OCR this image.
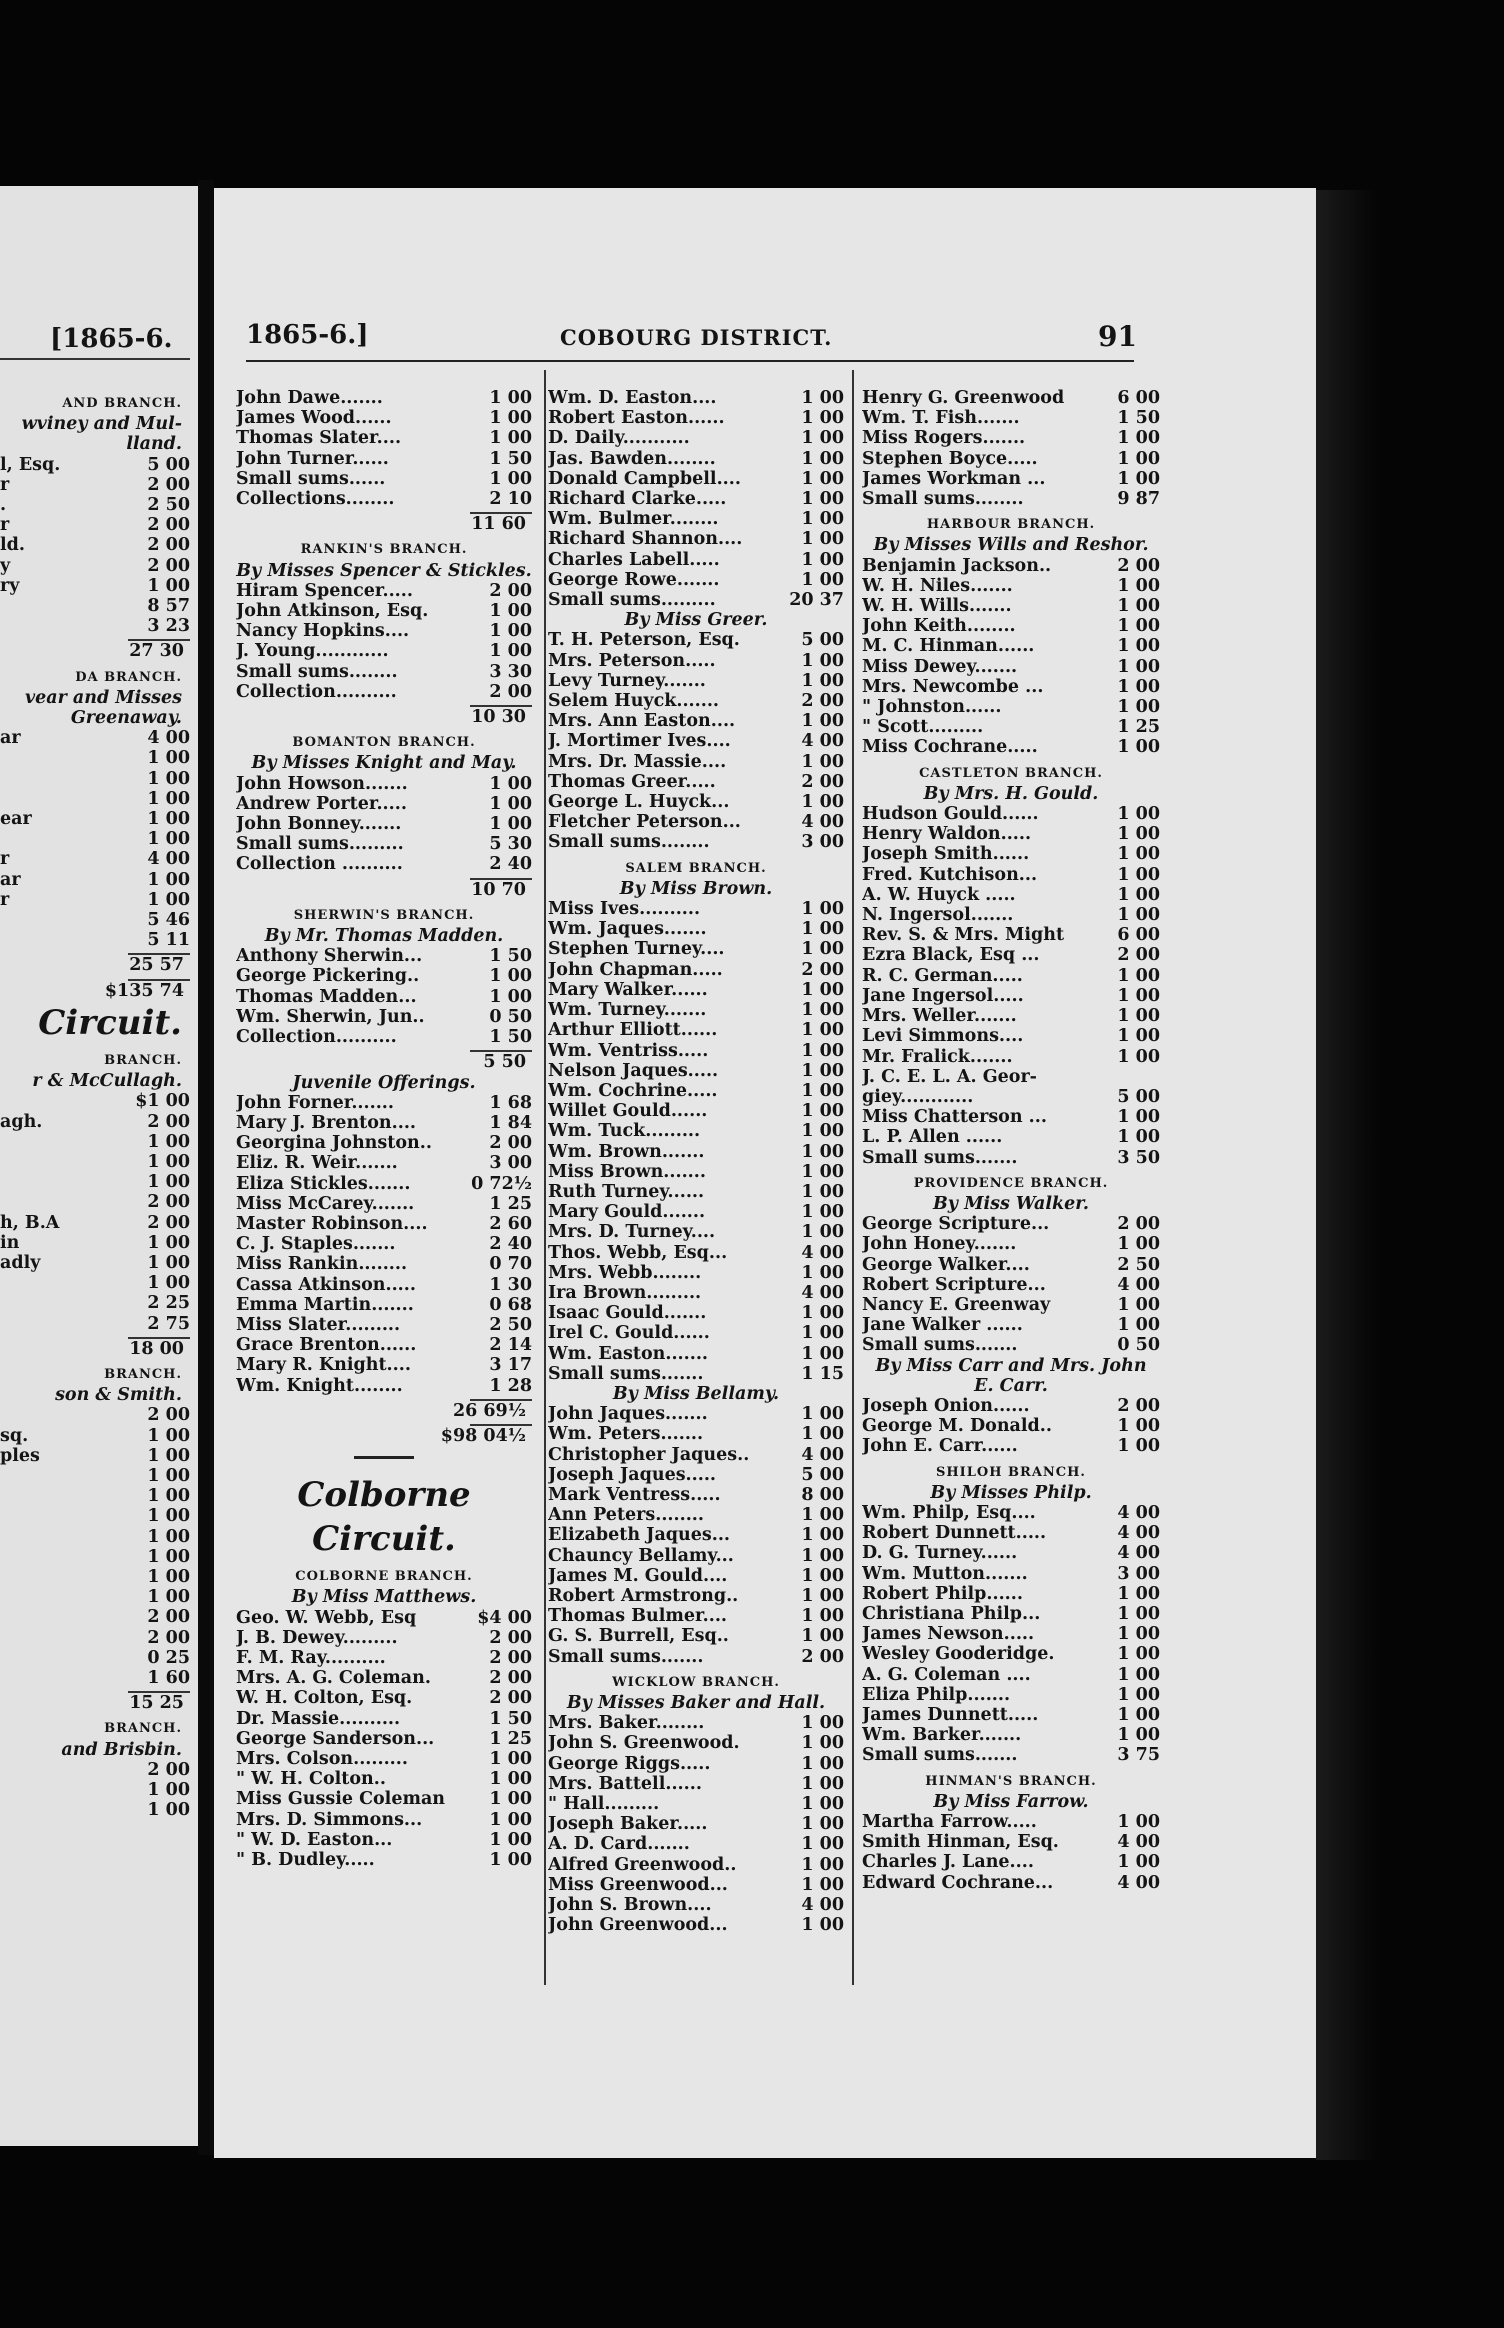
[1865-6.
AND BRANCH.
wviney and Mul-
lland.
l, Esq.	5 00
r	2 00
.	2 50
r	2 00
ld.	2 00
y	2 00
ry	1 00
8 57
3 23
27 30
DA BRANCH.
vear and Misses
Greenaway.
ar	4 00
1 00
1 00
1 00
ear	1 00
1 00
r	4 00
ar	1 00
r	1 00
5 46
5 11
25 57
$135 74
Circuit.
BRANCH.
r & McCullagh.
$1 00
agh.	2 00
1 00
1 00
1 00
2 00
h, B.A	2 00
in	1 00
adly	1 00
1 00
2 25
2 75
18 00
BRANCH.
son & Smith.
2 00
sq.	1 00
ples	1 00
1 00
1 00
1 00
1 00
1 00
1 00
1 00
2 00
2 00
0 25
1 60
15 25
BRANCH.
and Brisbin.
2 00
1 00
1 00
1865-6.]	COBOURG DISTRICT.	91
John Dawe.......	1 00
James Wood......	1 00
Thomas Slater....	1 00
John Turner......	1 50
Small sums......	1 00
Collections........	2 10
11 60
RANKIN'S BRANCH.
By Misses Spencer & Stickles.
Hiram Spencer.....	2 00
John Atkinson, Esq.	1 00
Nancy Hopkins....	1 00
J. Young............	1 00
Small sums........	3 30
Collection..........	2 00
10 30
BOMANTON BRANCH.
By Misses Knight and May.
John Howson.......	1 00
Andrew Porter.....	1 00
John Bonney.......	1 00
Small sums.........	5 30
Collection ..........	2 40
10 70
SHERWIN'S BRANCH.
By Mr. Thomas Madden.
Anthony Sherwin...	1 50
George Pickering..	1 00
Thomas Madden...	1 00
Wm. Sherwin, Jun..	0 50
Collection..........	1 50
5 50
Juvenile Offerings.
John Forner.......	1 68
Mary J. Brenton....	1 84
Georgina Johnston..	2 00
Eliz. R. Weir.......	3 00
Eliza Stickles.......	0 72½
Miss McCarey.......	1 25
Master Robinson....	2 60
C. J. Staples.......	2 40
Miss Rankin........	0 70
Cassa Atkinson.....	1 30
Emma Martin.......	0 68
Miss Slater.........	2 50
Grace Brenton......	2 14
Mary R. Knight....	3 17
Wm. Knight........	1 28
26 69½
$98 04½
Colborne Circuit.
COLBORNE BRANCH.
By Miss Matthews.
Geo. W. Webb, Esq	$4 00
J. B. Dewey.........	2 00
F. M. Ray..........	2 00
Mrs. A. G. Coleman.	2 00
W. H. Colton, Esq.	2 00
Dr. Massie..........	1 50
George Sanderson...	1 25
Mrs. Colson.........	1 00
" W. H. Colton..	1 00
Miss Gussie Coleman	1 00
Mrs. D. Simmons...	1 00
" W. D. Easton...	1 00
" B. Dudley.....	1 00
Wm. D. Easton....	1 00
Robert Easton......	1 00
D. Daily...........	1 00
Jas. Bawden........	1 00
Donald Campbell....	1 00
Richard Clarke.....	1 00
Wm. Bulmer........	1 00
Richard Shannon....	1 00
Charles Labell.....	1 00
George Rowe.......	1 00
Small sums.........	20 37
By Miss Greer.
T. H. Peterson, Esq.	5 00
Mrs. Peterson.....	1 00
Levy Turney.......	1 00
Selem Huyck.......	2 00
Mrs. Ann Easton....	1 00
J. Mortimer Ives....	4 00
Mrs. Dr. Massie....	1 00
Thomas Greer.....	2 00
George L. Huyck...	1 00
Fletcher Peterson...	4 00
Small sums........	3 00
SALEM BRANCH.
By Miss Brown.
Miss Ives..........	1 00
Wm. Jaques.......	1 00
Stephen Turney....	1 00
John Chapman.....	2 00
Mary Walker......	1 00
Wm. Turney.......	1 00
Arthur Elliott......	1 00
Wm. Ventriss.....	1 00
Nelson Jaques.....	1 00
Wm. Cochrine.....	1 00
Willet Gould......	1 00
Wm. Tuck.........	1 00
Wm. Brown.......	1 00
Miss Brown.......	1 00
Ruth Turney......	1 00
Mary Gould.......	1 00
Mrs. D. Turney....	1 00
Thos. Webb, Esq...	4 00
Mrs. Webb........	1 00
Ira Brown.........	4 00
Isaac Gould.......	1 00
Irel C. Gould......	1 00
Wm. Easton.......	1 00
Small sums.......	1 15
By Miss Bellamy.
John Jaques.......	1 00
Wm. Peters.......	1 00
Christopher Jaques..	4 00
Joseph Jaques.....	5 00
Mark Ventress.....	8 00
Ann Peters........	1 00
Elizabeth Jaques...	1 00
Chauncy Bellamy...	1 00
James M. Gould....	1 00
Robert Armstrong..	1 00
Thomas Bulmer....	1 00
G. S. Burrell, Esq..	1 00
Small sums.......	2 00
WICKLOW BRANCH.
By Misses Baker and Hall.
Mrs. Baker........	1 00
John S. Greenwood.	1 00
George Riggs.....	1 00
Mrs. Battell......	1 00
" Hall.........	1 00
Joseph Baker.....	1 00
A. D. Card.......	1 00
Alfred Greenwood..	1 00
Miss Greenwood...	1 00
John S. Brown....	4 00
John Greenwood...	1 00
Henry G. Greenwood	6 00
Wm. T. Fish.......	1 50
Miss Rogers.......	1 00
Stephen Boyce.....	1 00
James Workman ...	1 00
Small sums........	9 87
HARBOUR BRANCH.
By Misses Wills and Reshor.
Benjamin Jackson..	2 00
W. H. Niles.......	1 00
W. H. Wills.......	1 00
John Keith........	1 00
M. C. Hinman......	1 00
Miss Dewey.......	1 00
Mrs. Newcombe ...	1 00
" Johnston......	1 00
" Scott.........	1 25
Miss Cochrane.....	1 00
CASTLETON BRANCH.
By Mrs. H. Gould.
Hudson Gould......	1 00
Henry Waldon.....	1 00
Joseph Smith......	1 00
Fred. Kutchison...	1 00
A. W. Huyck .....	1 00
N. Ingersol.......	1 00
Rev. S. & Mrs. Might	6 00
Ezra Black, Esq ...	2 00
R. C. German.....	1 00
Jane Ingersol.....	1 00
Mrs. Weller.......	1 00
Levi Simmons....	1 00
Mr. Fralick.......	1 00
J. C. E. L. A. Geor-
giey............	5 00
Miss Chatterson ...	1 00
L. P. Allen ......	1 00
Small sums.......	3 50
PROVIDENCE BRANCH.
By Miss Walker.
George Scripture...	2 00
John Honey.......	1 00
George Walker....	2 50
Robert Scripture...	4 00
Nancy E. Greenway	1 00
Jane Walker ......	1 00
Small sums.......	0 50
By Miss Carr and Mrs. John
E. Carr.
Joseph Onion......	2 00
George M. Donald..	1 00
John E. Carr......	1 00
SHILOH BRANCH.
By Misses Philp.
Wm. Philp, Esq....	4 00
Robert Dunnett.....	4 00
D. G. Turney......	4 00
Wm. Mutton.......	3 00
Robert Philp......	1 00
Christiana Philp...	1 00
James Newson.....	1 00
Wesley Gooderidge.	1 00
A. G. Coleman ....	1 00
Eliza Philp.......	1 00
James Dunnett.....	1 00
Wm. Barker.......	1 00
Small sums.......	3 75
HINMAN'S BRANCH.
By Miss Farrow.
Martha Farrow.....	1 00
Smith Hinman, Esq.	4 00
Charles J. Lane....	1 00
Edward Cochrane...	4 00
